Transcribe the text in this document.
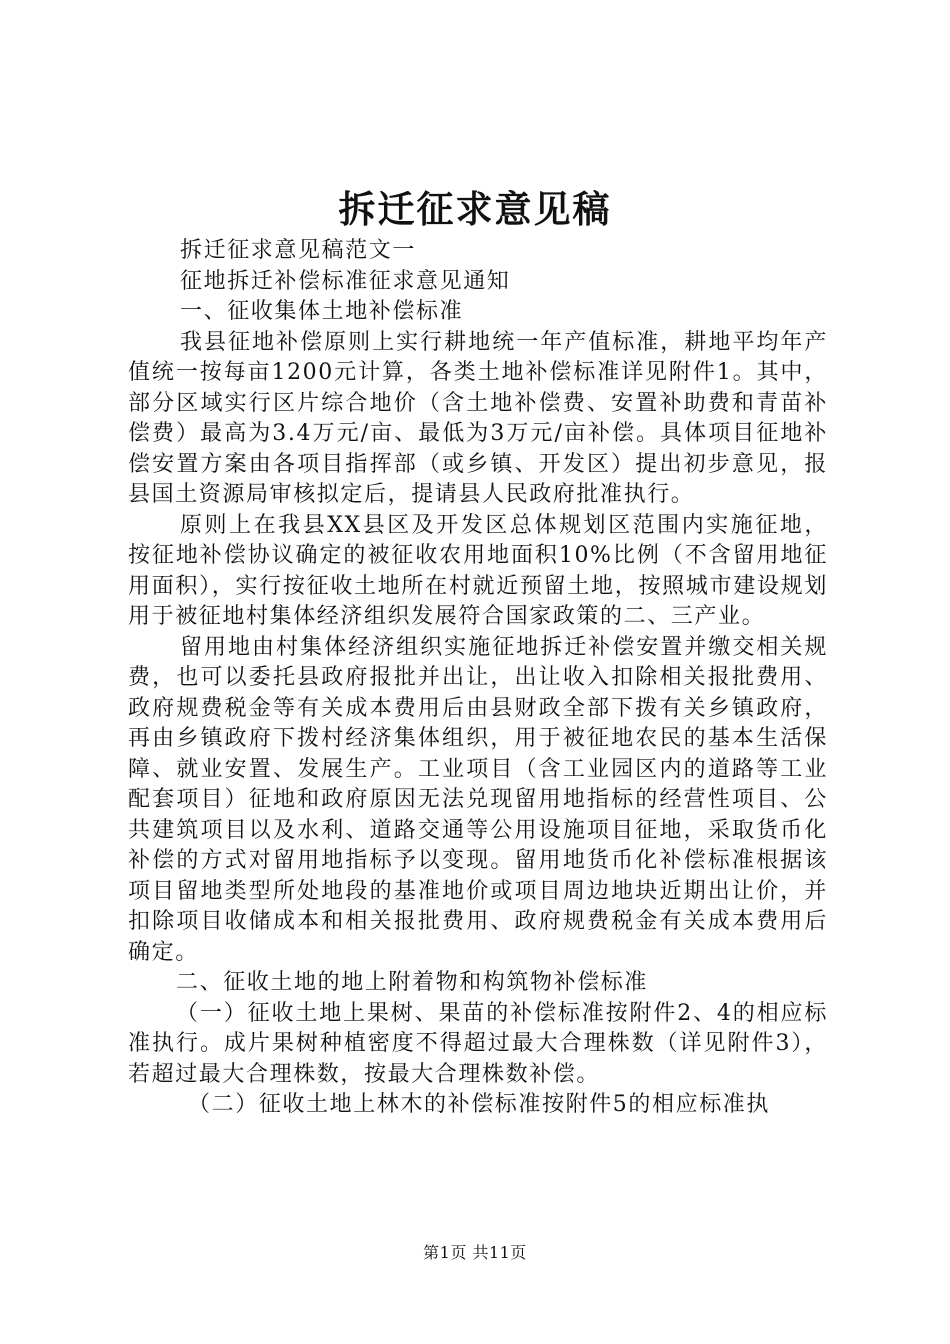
拆迁征求意见稿

拆迁征求意见稿范文一

征地拆迁补偿标准征求意见通知

一、征收集体土地补偿标准

我县征地补偿原则上实行耕地统一年产值标准，耕地平均年产值统一按每亩1200元计算，各类土地补偿标准详见附件1。其中，部分区域实行区片综合地价（含土地补偿费、安置补助费和青苗补偿费）最高为3.4万元/亩、最低为3万元/亩补偿。具体项目征地补偿安置方案由各项目指挥部（或乡镇、开发区）提出初步意见，报县国土资源局审核拟定后，提请县人民政府批准执行。

原则上在我县XX县区及开发区总体规划区范围内实施征地，按征地补偿协议确定的被征收农用地面积10%比例（不含留用地征用面积），实行按征收土地所在村就近预留土地，按照城市建设规划用于被征地村集体经济组织发展符合国家政策的二、三产业。

留用地由村集体经济组织实施征地拆迁补偿安置并缴交相关规费，也可以委托县政府报批并出让，出让收入扣除相关报批费用、政府规费税金等有关成本费用后由县财政全部下拨有关乡镇政府，再由乡镇政府下拨村经济集体组织，用于被征地农民的基本生活保障、就业安置、发展生产。工业项目（含工业园区内的道路等工业配套项目）征地和政府原因无法兑现留用地指标的经营性项目、公共建筑项目以及水利、道路交通等公用设施项目征地，采取货币化补偿的方式对留用地指标予以变现。留用地货币化补偿标准根据该项目留地类型所处地段的基准地价或项目周边地块近期出让价，并扣除项目收储成本和相关报批费用、政府规费税金有关成本费用后确定。

二、征收土地的地上附着物和构筑物补偿标准

（一）征收土地上果树、果苗的补偿标准按附件2、4的相应标准执行。成片果树种植密度不得超过最大合理株数（详见附件3），若超过最大合理株数，按最大合理株数补偿。

（二）征收土地上林木的补偿标准按附件5的相应标准执

第1页 共11页
